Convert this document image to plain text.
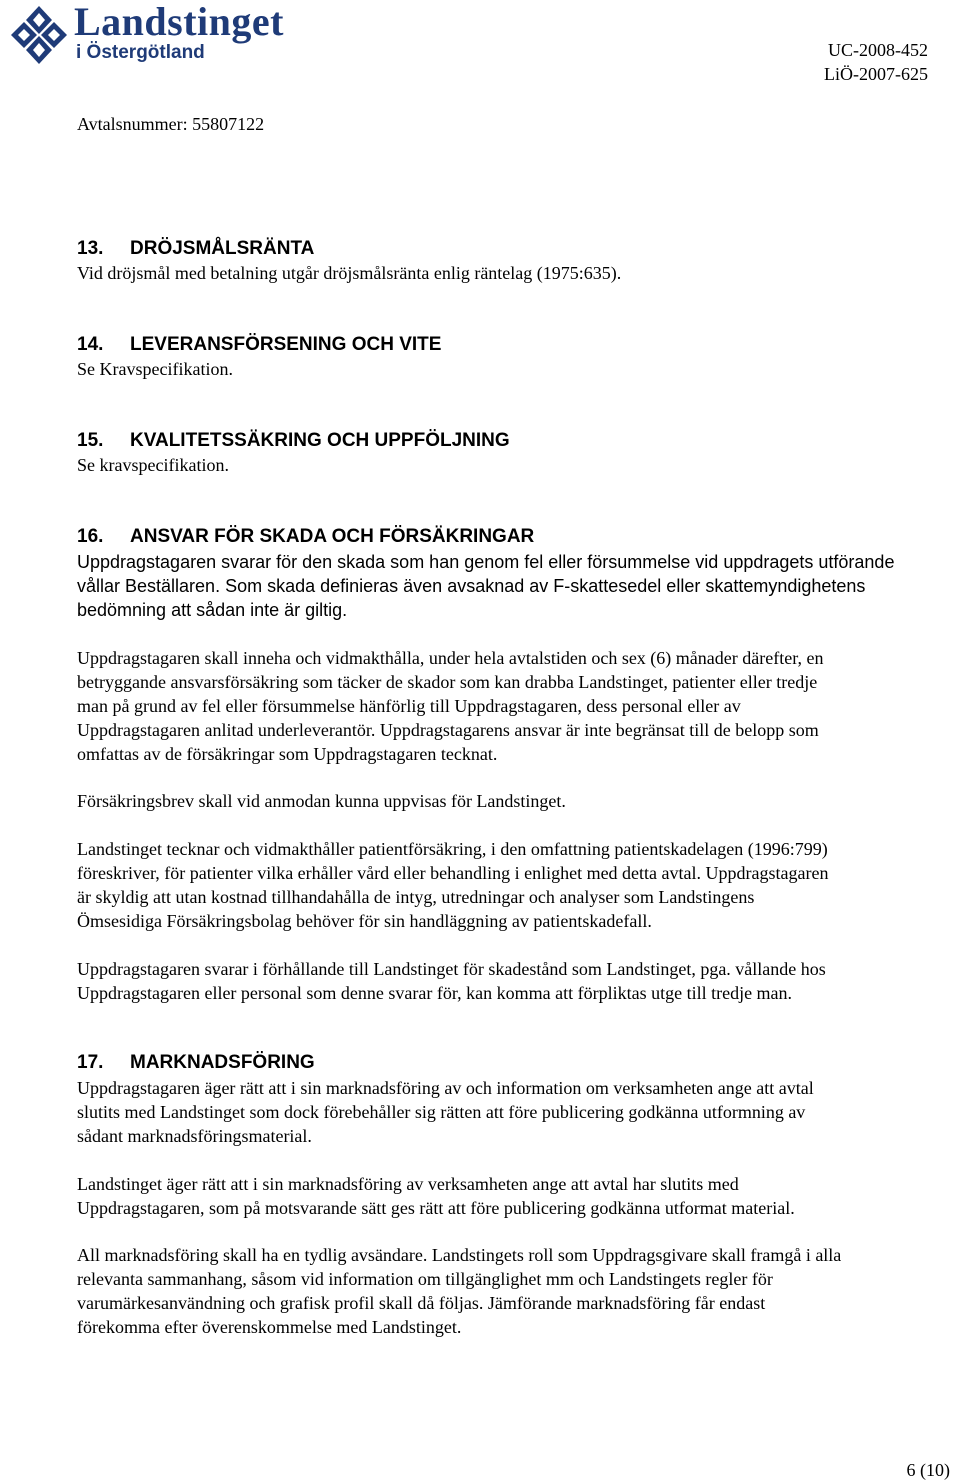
Landstinget
i Östergötland	UC-2008-452
LiÖ-2007-625
Avtalsnummer: 55807122
13. DRÖJSMÅLSRÄNTA
Vid dröjsmål med betalning utgår dröjsmålsränta enlig räntelag (1975:635).
14. LEVERANSFÖRSENING OCH VITE
Se Kravspecifikation.
15. KVALITETSSÄKRING OCH UPPFÖLJNING
Se kravspecifikation.
16. ANSVAR FÖR SKADA OCH FÖRSÄKRINGAR
Uppdragstagaren svarar för den skada som han genom fel eller försummelse vid uppdragets utförande
vållar Beställaren. Som skada definieras även avsaknad av F-skattesedel eller skattemyndighetens
bedömning att sådan inte är giltig.
Uppdragstagaren skall inneha och vidmakthålla, under hela avtalstiden och sex (6) månader därefter, en
betryggande ansvarsförsäkring som täcker de skador som kan drabba Landstinget, patienter eller tredje
man på grund av fel eller försummelse hänförlig till Uppdragstagaren, dess personal eller av
Uppdragstagaren anlitad underleverantör. Uppdragstagarens ansvar är inte begränsat till de belopp som
omfattas av de försäkringar som Uppdragstagaren tecknat.
Försäkringsbrev skall vid anmodan kunna uppvisas för Landstinget.
Landstinget tecknar och vidmakthåller patientförsäkring, i den omfattning patientskadelagen (1996:799)
föreskriver, för patienter vilka erhåller vård eller behandling i enlighet med detta avtal. Uppdragstagaren
är skyldig att utan kostnad tillhandahålla de intyg, utredningar och analyser som Landstingens
Ömsesidiga Försäkringsbolag behöver för sin handläggning av patientskadefall.
Uppdragstagaren svarar i förhållande till Landstinget för skadestånd som Landstinget, pga. vållande hos
Uppdragstagaren eller personal som denne svarar för, kan komma att förpliktas utge till tredje man.
17. MARKNADSFÖRING
Uppdragstagaren äger rätt att i sin marknadsföring av och information om verksamheten ange att avtal
slutits med Landstinget som dock förebehåller sig rätten att före publicering godkänna utformning av
sådant marknadsföringsmaterial.
Landstinget äger rätt att i sin marknadsföring av verksamheten ange att avtal har slutits med
Uppdragstagaren, som på motsvarande sätt ges rätt att före publicering godkänna utformat material.
All marknadsföring skall ha en tydlig avsändare. Landstingets roll som Uppdragsgivare skall framgå i alla
relevanta sammanhang, såsom vid information om tillgänglighet mm och Landstingets regler för
varumärkesanvändning och grafisk profil skall då följas. Jämförande marknadsföring får endast
förekomma efter överenskommelse med Landstinget.
6 (10)
